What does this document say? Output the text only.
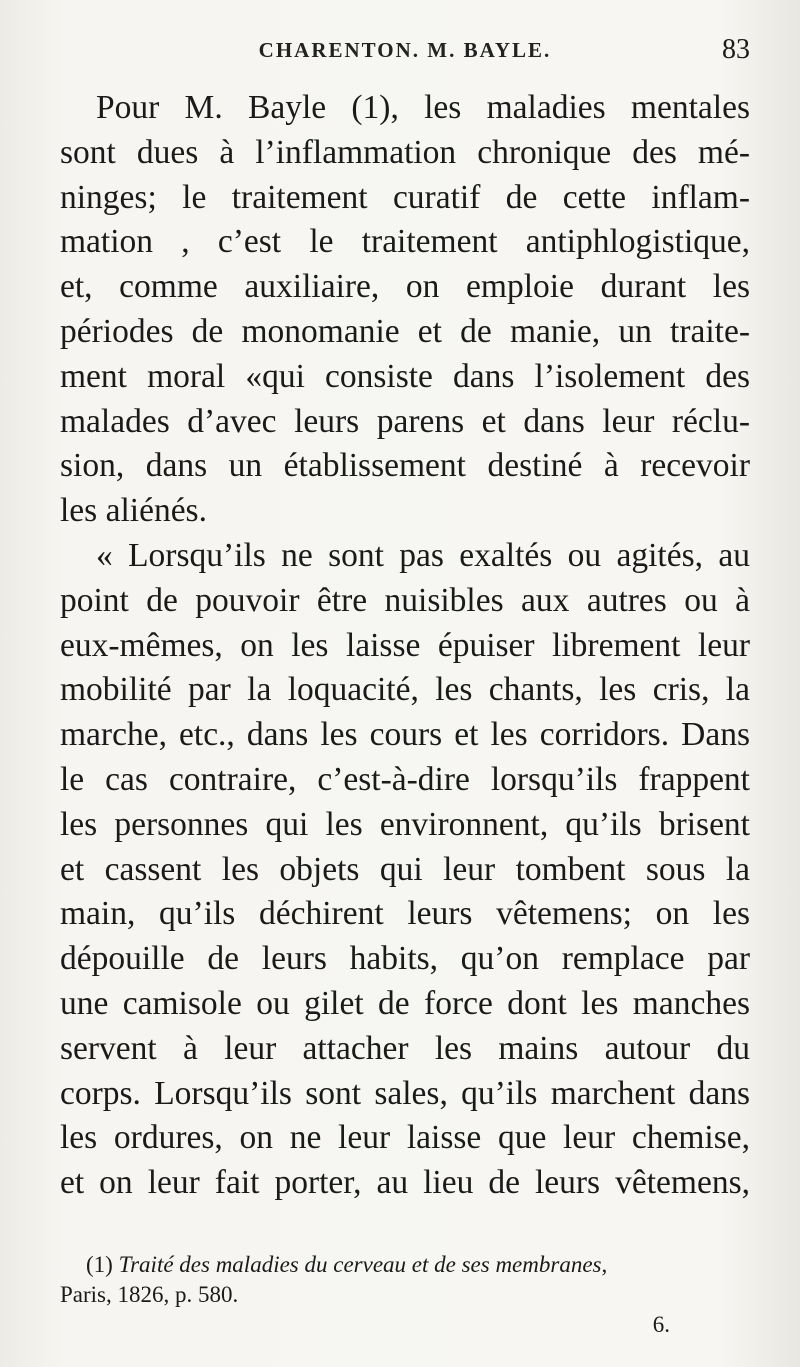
CHARENTON. M. BAYLE.	83
Pour M. Bayle (1), les maladies mentales
sont dues à l’inflammation chronique des mé-
ninges; le traitement curatif de cette inflam-
mation , c’est le traitement antiphlogistique,
et, comme auxiliaire, on emploie durant les
périodes de monomanie et de manie, un traite-
ment moral «qui consiste dans l’isolement des
malades d’avec leurs parens et dans leur réclu-
sion, dans un établissement destiné à recevoir
les aliénés.
« Lorsqu’ils ne sont pas exaltés ou agités, au
point de pouvoir être nuisibles aux autres ou à
eux-mêmes, on les laisse épuiser librement leur
mobilité par la loquacité, les chants, les cris, la
marche, etc., dans les cours et les corridors. Dans
le cas contraire, c’est-à-dire lorsqu’ils frappent
les personnes qui les environnent, qu’ils brisent
et cassent les objets qui leur tombent sous la
main, qu’ils déchirent leurs vêtemens; on les
dépouille de leurs habits, qu’on remplace par
une camisole ou gilet de force dont les manches
servent à leur attacher les mains autour du
corps. Lorsqu’ils sont sales, qu’ils marchent dans
les ordures, on ne leur laisse que leur chemise,
et on leur fait porter, au lieu de leurs vêtemens,
(1) Traité des maladies du cerveau et de ses membranes,
Paris, 1826, p. 580.
6.
